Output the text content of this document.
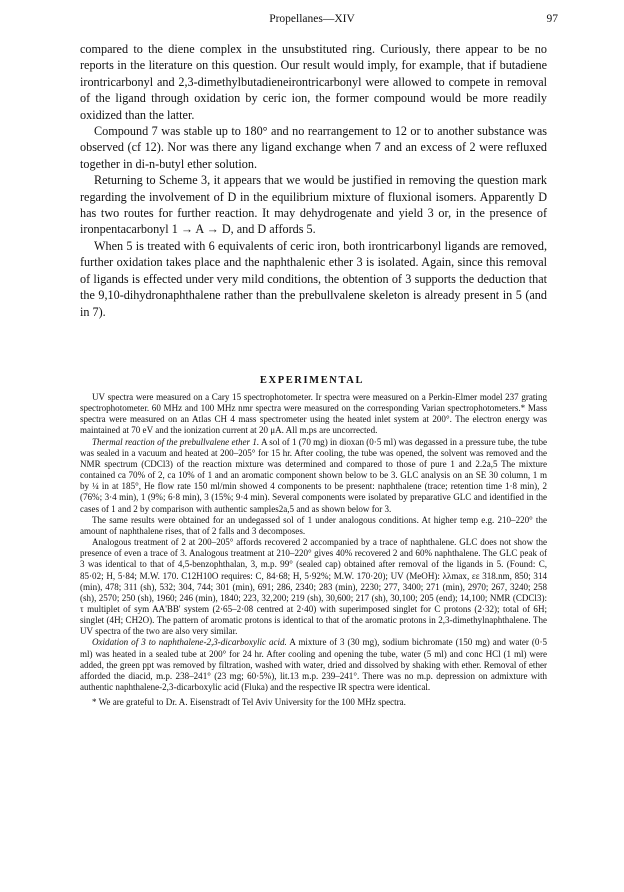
Propellanes—XIV	97

compared to the diene complex in the unsubstituted ring. Curiously, there appear to be no reports in the literature on this question. Our result would imply, for example, that if butadiene irontricarbonyl and 2,3-dimethylbutadieneirontricarbonyl were allowed to compete in removal of the ligand through oxidation by ceric ion, the former compound would be more readily oxidized than the latter.

Compound 7 was stable up to 180° and no rearrangement to 12 or to another substance was observed (cf 12). Nor was there any ligand exchange when 7 and an excess of 2 were refluxed together in di-n-butyl ether solution.

Returning to Scheme 3, it appears that we would be justified in removing the question mark regarding the involvement of D in the equilibrium mixture of fluxional isomers. Apparently D has two routes for further reaction. It may dehydrogenate and yield 3 or, in the presence of ironpentacarbonyl 1 → A → D, and D affords 5.

When 5 is treated with 6 equivalents of ceric iron, both irontricarbonyl ligands are removed, further oxidation takes place and the naphthalenic ether 3 is isolated. Again, since this removal of ligands is effected under very mild conditions, the obtention of 3 supports the deduction that the 9,10-dihydronaphthalene rather than the prebullvalene skeleton is already present in 5 (and in 7).

EXPERIMENTAL

UV spectra were measured on a Cary 15 spectrophotometer. Ir spectra were measured on a Perkin-Elmer model 237 grating spectrophotometer. 60 MHz and 100 MHz nmr spectra were measured on the corresponding Varian spectrophotometers.* Mass spectra were measured on an Atlas CH 4 mass spectrometer using the heated inlet system at 200°. The electron energy was maintained at 70 eV and the ionization current at 20 μA. All m.ps are uncorrected.

Thermal reaction of the prebullvalene ether 1. A sol of 1 (70 mg) in dioxan (0·5 ml) was degassed in a pressure tube, the tube was sealed in a vacuum and heated at 200–205° for 15 hr. After cooling, the tube was opened, the solvent was removed and the NMR spectrum (CDCl3) of the reaction mixture was determined and compared to those of pure 1 and 2.2a,5 The mixture contained ca 70% of 2, ca 10% of 1 and an aromatic component shown below to be 3. GLC analysis on an SE 30 column, 1 m by ¼ in at 185°, He flow rate 150 ml/min showed 4 components to be present: naphthalene (trace; retention time 1·8 min), 2 (76%; 3·4 min), 1 (9%; 6·8 min), 3 (15%; 9·4 min). Several components were isolated by preparative GLC and identified in the cases of 1 and 2 by comparison with authentic samples2a,5 and as shown below for 3.

The same results were obtained for an undegassed sol of 1 under analogous conditions. At higher temp e.g. 210–220° the amount of naphthalene rises, that of 2 falls and 3 decomposes.

Analogous treatment of 2 at 200–205° affords recovered 2 accompanied by a trace of naphthalene. GLC does not show the presence of even a trace of 3. Analogous treatment at 210–220° gives 40% recovered 2 and 60% naphthalene. The GLC peak of 3 was identical to that of 4,5-benzophthalan, 3, m.p. 99° (sealed cap) obtained after removal of the ligands in 5. (Found: C, 85·02; H, 5·84; M.W. 170. C12H10O requires: C, 84·68; H, 5·92%; M.W. 170·20); UV (MeOH): λλmax, εε 318.nm, 850; 314 (min), 478; 311 (sh), 532; 304, 744; 301 (min), 691; 286, 2340; 283 (min), 2230; 277, 3400; 271 (min), 2970; 267, 3240; 258 (sh), 2570; 250 (sh), 1960; 246 (min), 1840; 223, 32,200; 219 (sh), 30,600; 217 (sh), 30,100; 205 (end); 14,100; NMR (CDCl3): τ multiplet of sym AA'BB' system (2·65–2·08 centred at 2·40) with superimposed singlet for C protons (2·32); total of 6H; singlet (4H; CH2O). The pattern of aromatic protons is identical to that of the aromatic protons in 2,3-dimethylnaphthalene. The UV spectra of the two are also very similar.

Oxidation of 3 to naphthalene-2,3-dicarboxylic acid. A mixture of 3 (30 mg), sodium bichromate (150 mg) and water (0·5 ml) was heated in a sealed tube at 200° for 24 hr. After cooling and opening the tube, water (5 ml) and conc HCl (1 ml) were added, the green ppt was removed by filtration, washed with water, dried and dissolved by shaking with ether. Removal of ether afforded the diacid, m.p. 238–241° (23 mg; 60·5%), lit.13 m.p. 239–241°. There was no m.p. depression on admixture with authentic naphthalene-2,3-dicarboxylic acid (Fluka) and the respective IR spectra were identical.

* We are grateful to Dr. A. Eisenstradt of Tel Aviv University for the 100 MHz spectra.
